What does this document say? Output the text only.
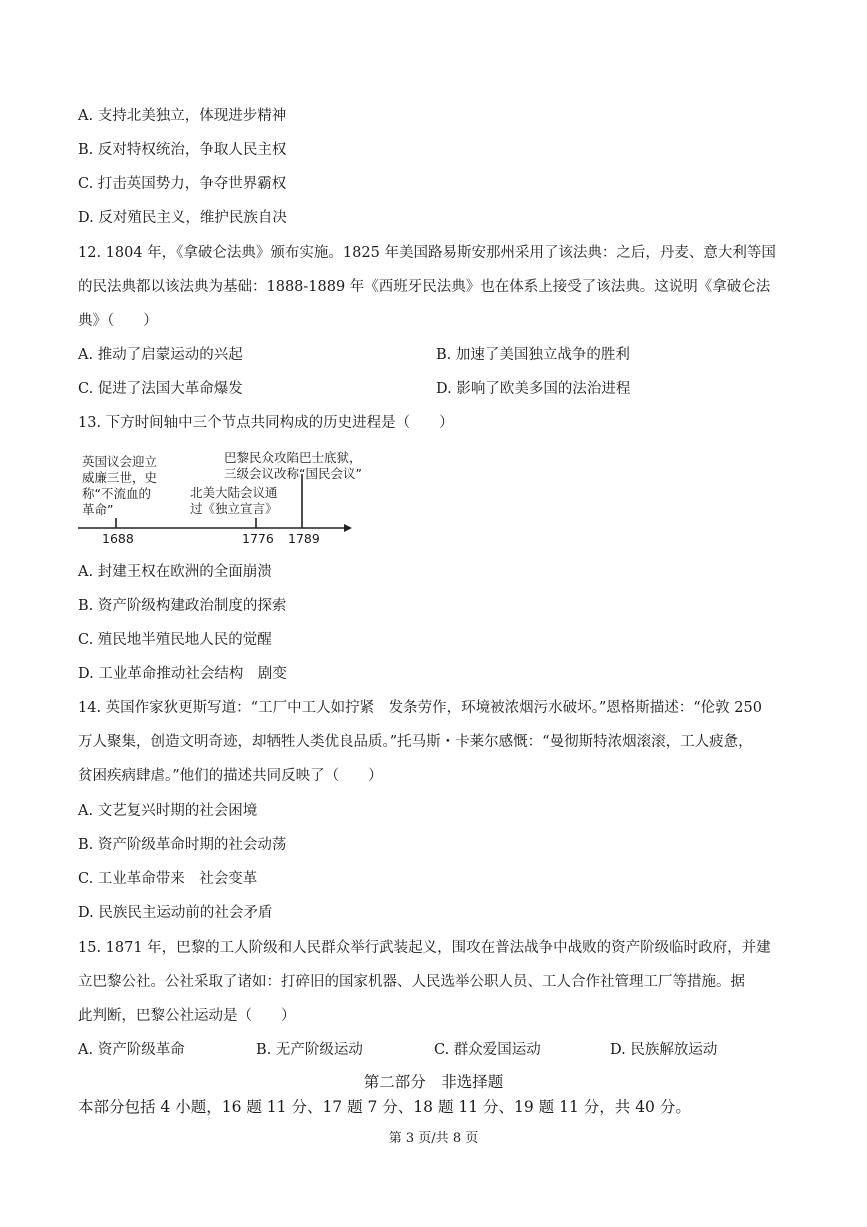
A. 支持北美独立，体现进步精神
B. 反对特权统治，争取人民主权
C. 打击英国势力，争夺世界霸权
D. 反对殖民主义，维护民族自决
12. 1804 年，《拿破仑法典》颁布实施。1825 年美国路易斯安那州采用了该法典：之后，丹麦、意大利等国
的民法典都以该法典为基础：1888-1889 年《西班牙民法典》也在体系上接受了该法典。这说明《拿破仑法
典》（　　）
A. 推动了启蒙运动的兴起	B. 加速了美国独立战争的胜利
C. 促进了法国大革命爆发	D. 影响了欧美多国的法治进程
13. 下方时间轴中三个节点共同构成的历史进程是（　　）
英国议会迎立
威廉三世，史
称“不流血的
革命”
北美大陆会议通
过《独立宣言》
巴黎民众攻陷巴士底狱，
三级会议改称“国民会议”
1688	1776 1789
A. 封建王权在欧洲的全面崩溃
B. 资产阶级构建政治制度的探索
C. 殖民地半殖民地人民的觉醒
D. 工业革命推动社会结构　剧变
14. 英国作家狄更斯写道：“工厂中工人如拧紧　发条劳作，环境被浓烟污水破坏。”恩格斯描述：“伦敦 250
万人聚集，创造文明奇迹，却牺牲人类优良品质。”托马斯・卡莱尔感慨：“曼彻斯特浓烟滚滚，工人疲惫，
贫困疾病肆虐。”他们的描述共同反映了（　　）
A. 文艺复兴时期的社会困境
B. 资产阶级革命时期的社会动荡
C. 工业革命带来　社会变革
D. 民族民主运动前的社会矛盾
15. 1871 年，巴黎的工人阶级和人民群众举行武装起义，围攻在普法战争中战败的资产阶级临时政府，并建
立巴黎公社。公社采取了诸如：打碎旧的国家机器、人民选举公职人员、工人合作社管理工厂等措施。据
此判断，巴黎公社运动是（　　）
A. 资产阶级革命	B. 无产阶级运动	C. 群众爱国运动	D. 民族解放运动
第二部分　非选择题
本部分包括 4 小题，16 题 11 分、17 题 7 分、18 题 11 分、19 题 11 分，共 40 分。
第 3 页/共 8 页
